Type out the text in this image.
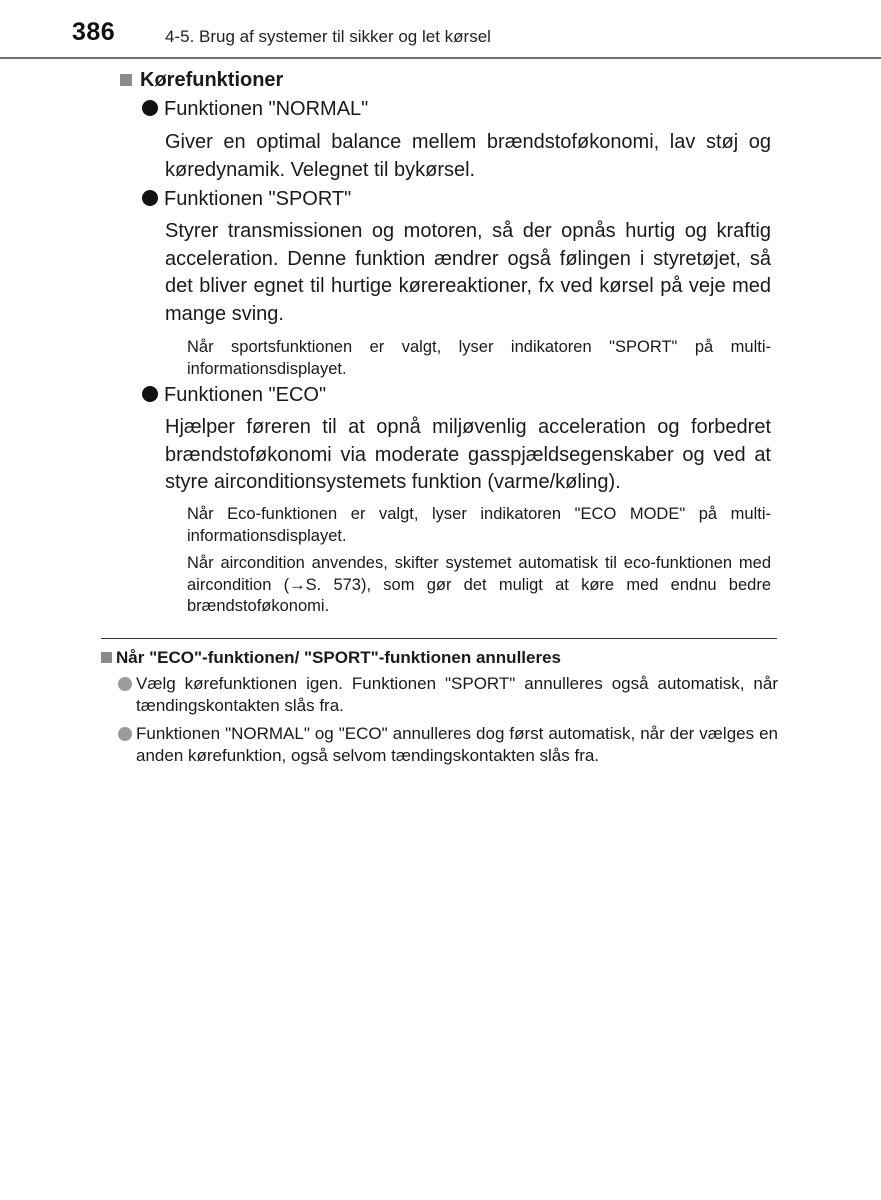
386	4-5. Brug af systemer til sikker og let kørsel
Kørefunktioner
Funktionen "NORMAL"

Giver en optimal balance mellem brændstoføkonomi, lav støj og køredynamik. Velegnet til bykørsel.

Funktionen "SPORT"

Styrer transmissionen og motoren, så der opnås hurtig og kraftig acceleration. Denne funktion ændrer også følingen i styretøjet, så det bliver egnet til hurtige kørereaktioner, fx ved kørsel på veje med mange sving.

Når sportsfunktionen er valgt, lyser indikatoren "SPORT" på multi-informationsdisplayet.

Funktionen "ECO"

Hjælper føreren til at opnå miljøvenlig acceleration og forbedret brændstoføkonomi via moderate gasspjældsegenskaber og ved at styre airconditionsystemets funktion (varme/køling).

Når Eco-funktionen er valgt, lyser indikatoren "ECO MODE" på multi-informationsdisplayet.

Når aircondition anvendes, skifter systemet automatisk til eco-funktionen med aircondition (→S. 573), som gør det muligt at køre med endnu bedre brændstoføkonomi.

Når "ECO"-funktionen/ "SPORT"-funktionen annulleres
Vælg kørefunktionen igen. Funktionen "SPORT" annulleres også automatisk, når tændingskontakten slås fra.
Funktionen "NORMAL" og "ECO" annulleres dog først automatisk, når der vælges en anden kørefunktion, også selvom tændingskontakten slås fra.
